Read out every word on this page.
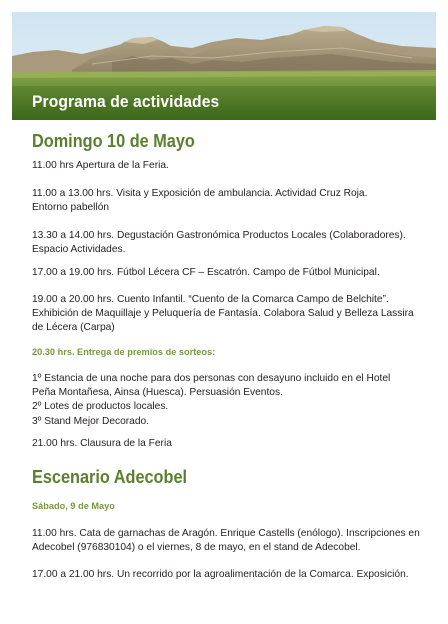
Programa de actividades
Domingo 10 de Mayo
11.00 hrs Apertura de la Feria.
11.00 a 13.00 hrs. Visita y Exposición de ambulancia. Actividad Cruz Roja.
Entorno pabellón
13.30 a 14.00 hrs. Degustación Gastronómica Productos Locales (Colaboradores).
Espacio Actividades.
17.00 a 19.00 hrs. Fútbol Lécera CF – Escatrón. Campo de Fútbol Municipal.
19.00 a 20.00 hrs. Cuento Infantil. “Cuento de la Comarca Campo de Belchite”.
Exhibición de Maquillaje y Peluquería de Fantasía. Colabora Salud y Belleza Lassira
de Lécera (Carpa)
20.30 hrs. Entrega de premios de sorteos:
1º Estancia de una noche para dos personas con desayuno incluido en el Hotel
Peña Montañesa, Ainsa (Huesca). Persuasión Eventos.
2º Lotes de productos locales.
3º Stand Mejor Decorado.
21.00 hrs. Clausura de la Feria
Escenario Adecobel
Sábado, 9 de Mayo
11.00 hrs. Cata de garnachas de Aragón. Enrique Castells (enólogo). Inscripciones en
Adecobel (976830104) o el viernes, 8 de mayo, en el stand de Adecobel.
17.00 a 21.00 hrs. Un recorrido por la agroalimentación de la Comarca. Exposición.
